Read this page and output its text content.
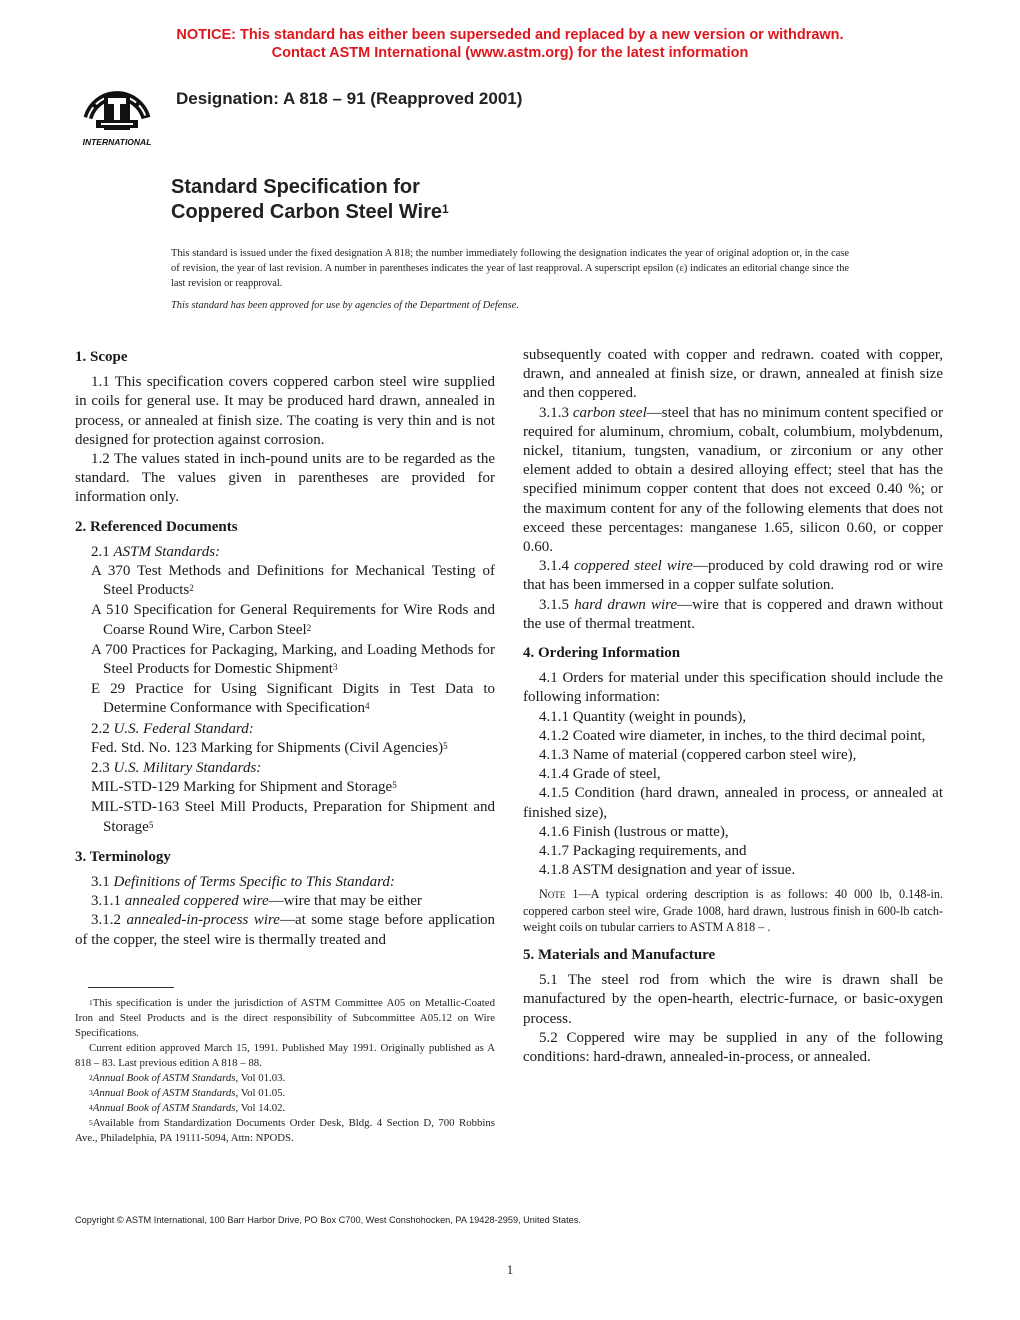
NOTICE: This standard has either been superseded and replaced by a new version or withdrawn.
Contact ASTM International (www.astm.org) for the latest information
INTERNATIONAL
Designation: A 818 – 91 (Reapproved 2001)
Standard Specification for
Coppered Carbon Steel Wire$^1$
This standard is issued under the fixed designation A 818; the number immediately following the designation indicates the year of original adoption or, in the case of revision, the year of last revision. A number in parentheses indicates the year of last reapproval. A superscript epsilon (ε) indicates an editorial change since the last revision or reapproval.
This standard has been approved for use by agencies of the Department of Defense.
1. Scope

1.1 This specification covers coppered carbon steel wire supplied in coils for general use. It may be produced hard drawn, annealed in process, or annealed at finish size. The coating is very thin and is not designed for protection against corrosion.

1.2 The values stated in inch-pound units are to be regarded as the standard. The values given in parentheses are provided for information only.

2. Referenced Documents

2.1 ASTM Standards:

A 370 Test Methods and Definitions for Mechanical Testing of Steel Products$^2$

A 510 Specification for General Requirements for Wire Rods and Coarse Round Wire, Carbon Steel$^2$

A 700 Practices for Packaging, Marking, and Loading Methods for Steel Products for Domestic Shipment$^3$

E 29 Practice for Using Significant Digits in Test Data to Determine Conformance with Specification$^4$

2.2 U.S. Federal Standard:

Fed. Std. No. 123 Marking for Shipments (Civil Agencies)$^5$

2.3 U.S. Military Standards:

MIL-STD-129 Marking for Shipment and Storage$^5$

MIL-STD-163 Steel Mill Products, Preparation for Shipment and Storage$^5$

3. Terminology

3.1 Definitions of Terms Specific to This Standard:

3.1.1 annealed coppered wire—wire that may be either

3.1.2 annealed-in-process wire—at some stage before application of the copper, the steel wire is thermally treated and

subsequently coated with copper and redrawn. coated with copper, drawn, and annealed at finish size, or drawn, annealed at finish size and then coppered.

3.1.3 carbon steel—steel that has no minimum content specified or required for aluminum, chromium, cobalt, columbium, molybdenum, nickel, titanium, tungsten, vanadium, or zirconium or any other element added to obtain a desired alloying effect; steel that has the specified minimum copper content that does not exceed 0.40 %; or the maximum content for any of the following elements that does not exceed these percentages: manganese 1.65, silicon 0.60, or copper 0.60.

3.1.4 coppered steel wire—produced by cold drawing rod or wire that has been immersed in a copper sulfate solution.

3.1.5 hard drawn wire—wire that is coppered and drawn without the use of thermal treatment.

4. Ordering Information

4.1 Orders for material under this specification should include the following information:

4.1.1 Quantity (weight in pounds),

4.1.2 Coated wire diameter, in inches, to the third decimal point,

4.1.3 Name of material (coppered carbon steel wire),

4.1.4 Grade of steel,

4.1.5 Condition (hard drawn, annealed in process, or annealed at finished size),

4.1.6 Finish (lustrous or matte),

4.1.7 Packaging requirements, and

4.1.8 ASTM designation and year of issue.

Note 1—A typical ordering description is as follows: 40 000 lb, 0.148-in. coppered carbon steel wire, Grade 1008, hard drawn, lustrous finish in 600-lb catch-weight coils on tubular carriers to ASTM A 818 – .

5. Materials and Manufacture

5.1 The steel rod from which the wire is drawn shall be manufactured by the open-hearth, electric-furnace, or basic-oxygen process.

5.2 Coppered wire may be supplied in any of the following conditions: hard-drawn, annealed-in-process, or annealed.

$^1$This specification is under the jurisdiction of ASTM Committee A05 on Metallic-Coated Iron and Steel Products and is the direct responsibility of Subcommittee A05.12 on Wire Specifications.

Current edition approved March 15, 1991. Published May 1991. Originally published as A 818 – 83. Last previous edition A 818 – 88.

$^2$Annual Book of ASTM Standards, Vol 01.03.

$^3$Annual Book of ASTM Standards, Vol 01.05.

$^4$Annual Book of ASTM Standards, Vol 14.02.

$^5$Available from Standardization Documents Order Desk, Bldg. 4 Section D, 700 Robbins Ave., Philadelphia, PA 19111-5094, Attn: NPODS.

Copyright © ASTM International, 100 Barr Harbor Drive, PO Box C700, West Conshohocken, PA 19428-2959, United States.
1
